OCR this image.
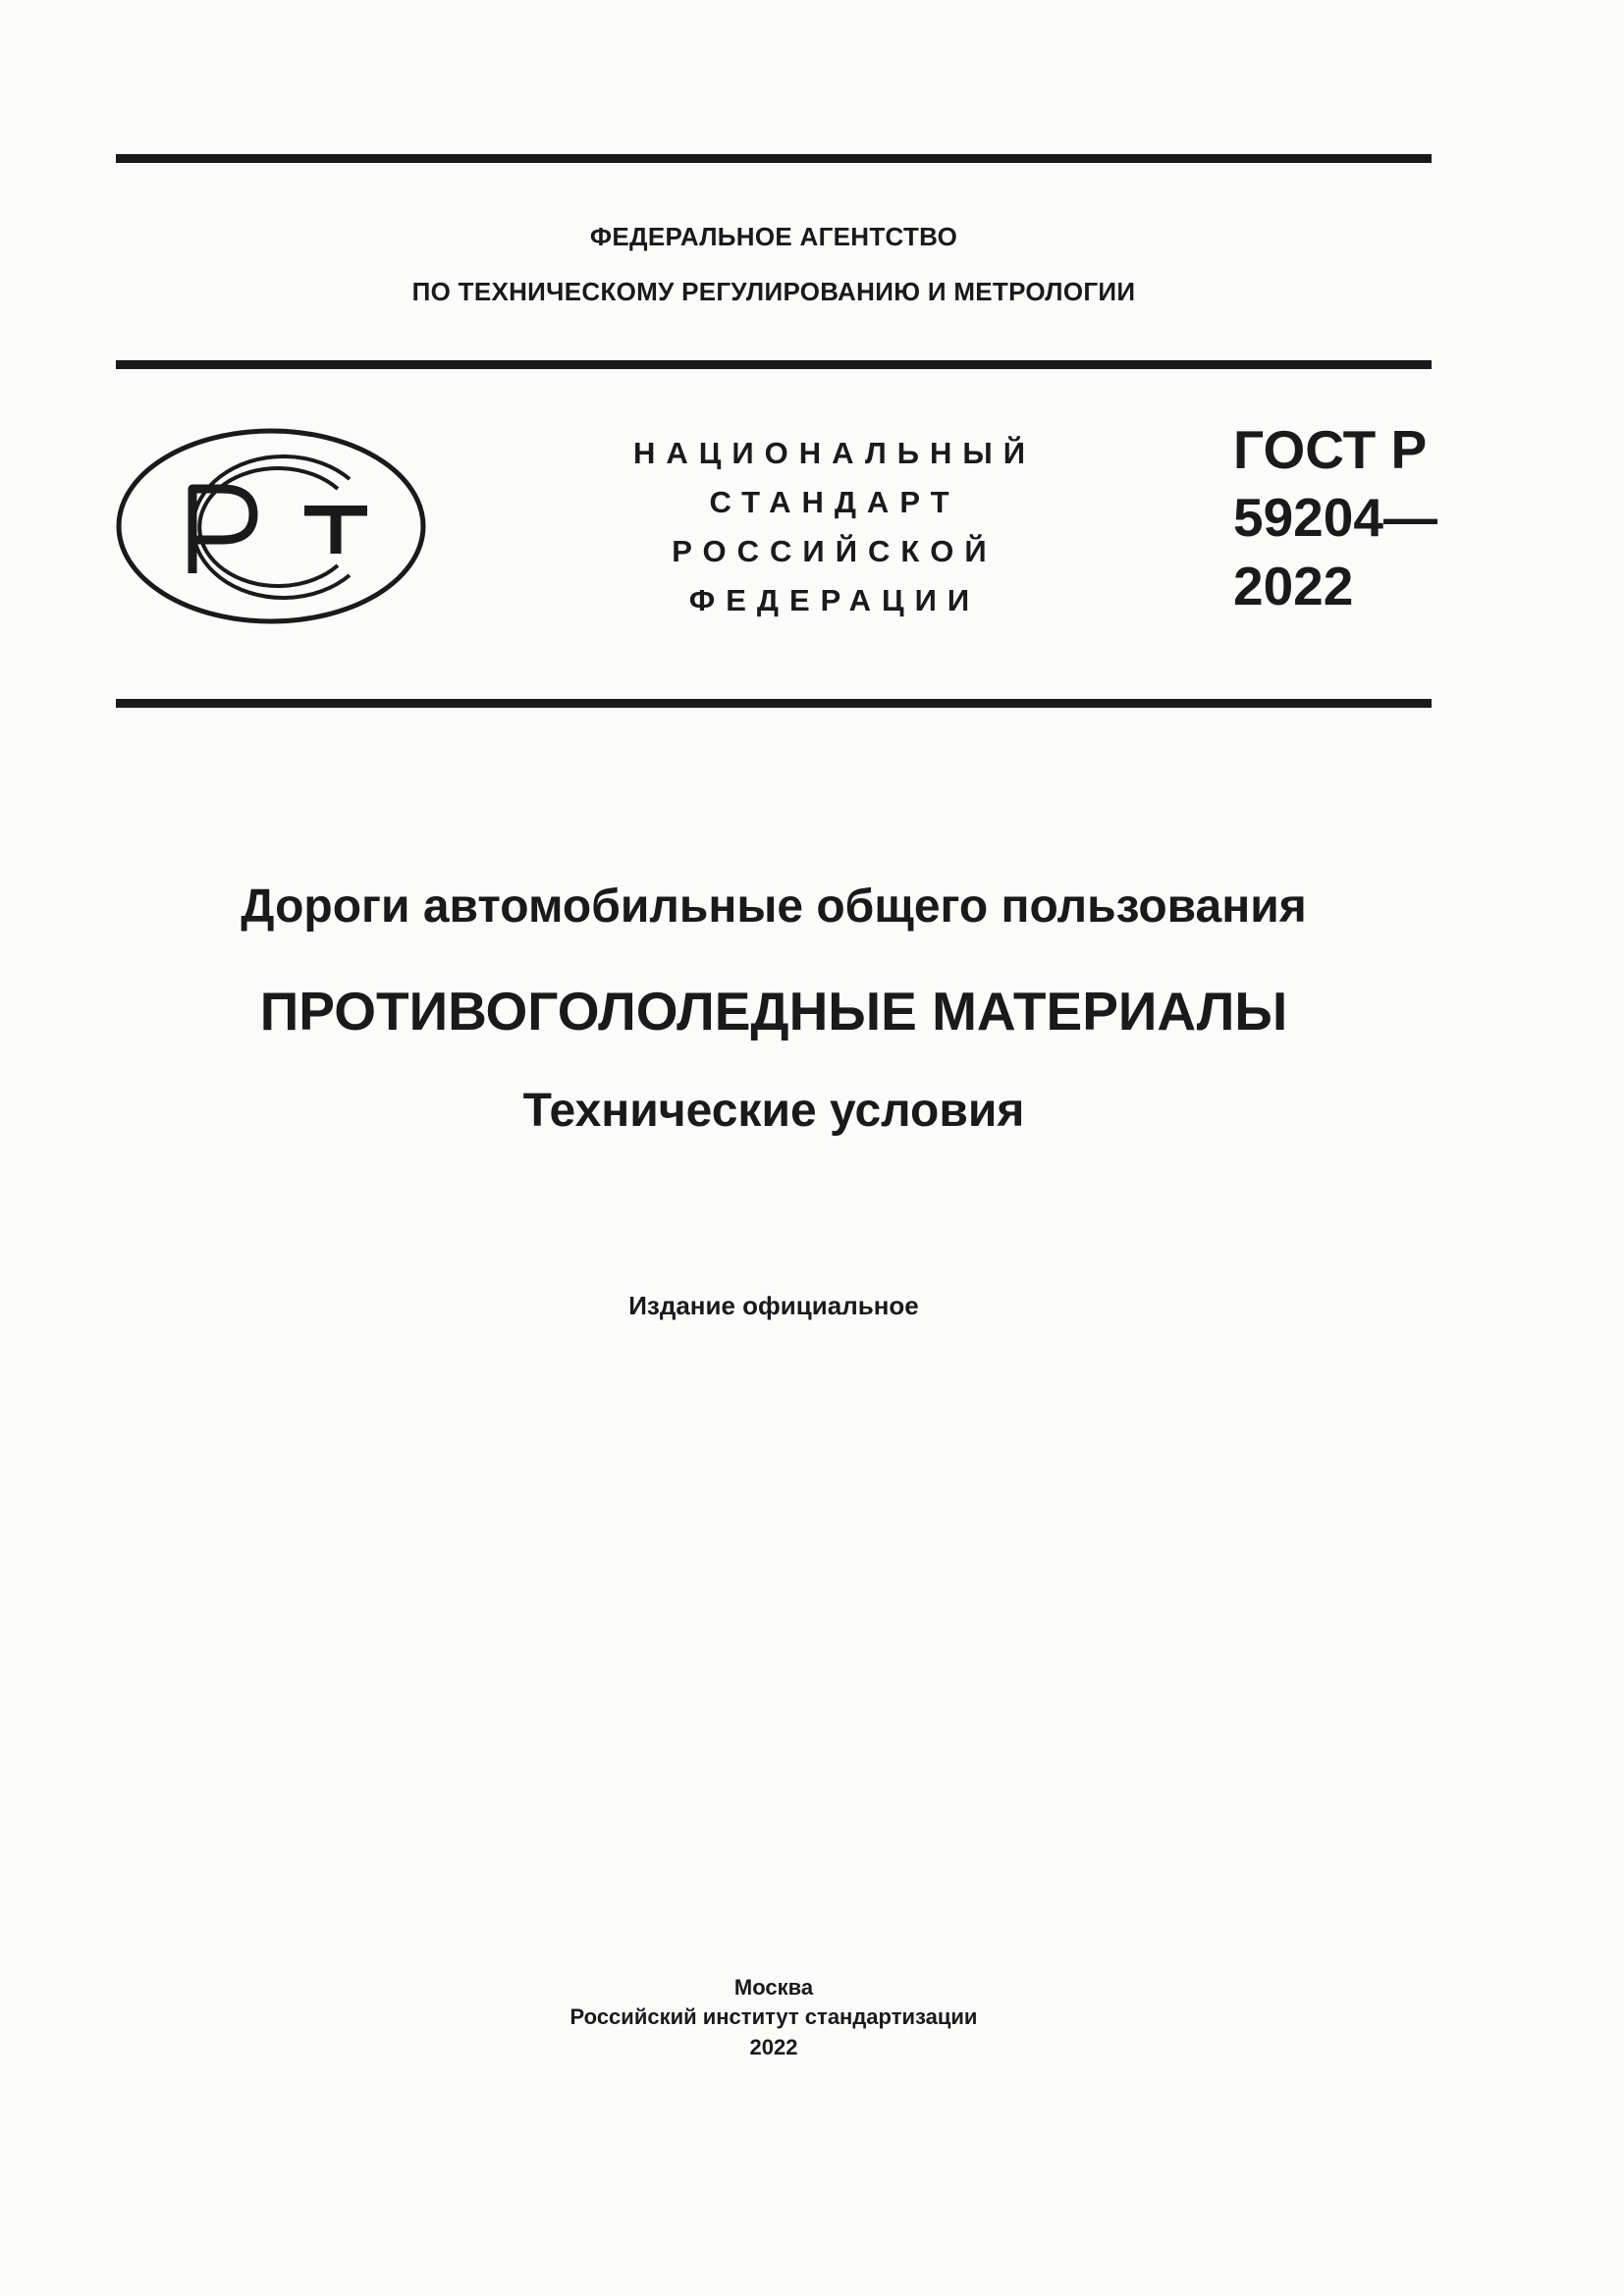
ФЕДЕРАЛЬНОЕ АГЕНТСТВО
ПО ТЕХНИЧЕСКОМУ РЕГУЛИРОВАНИЮ И МЕТРОЛОГИИ
НАЦИОНАЛЬНЫЙ
СТАНДАРТ
РОССИЙСКОЙ
ФЕДЕРАЦИИ
ГОСТ Р
59204—
2022
Дороги автомобильные общего пользования
ПРОТИВОГОЛОЛЕДНЫЕ МАТЕРИАЛЫ
Технические условия
Издание официальное
Москва
Российский институт стандартизации
2022
